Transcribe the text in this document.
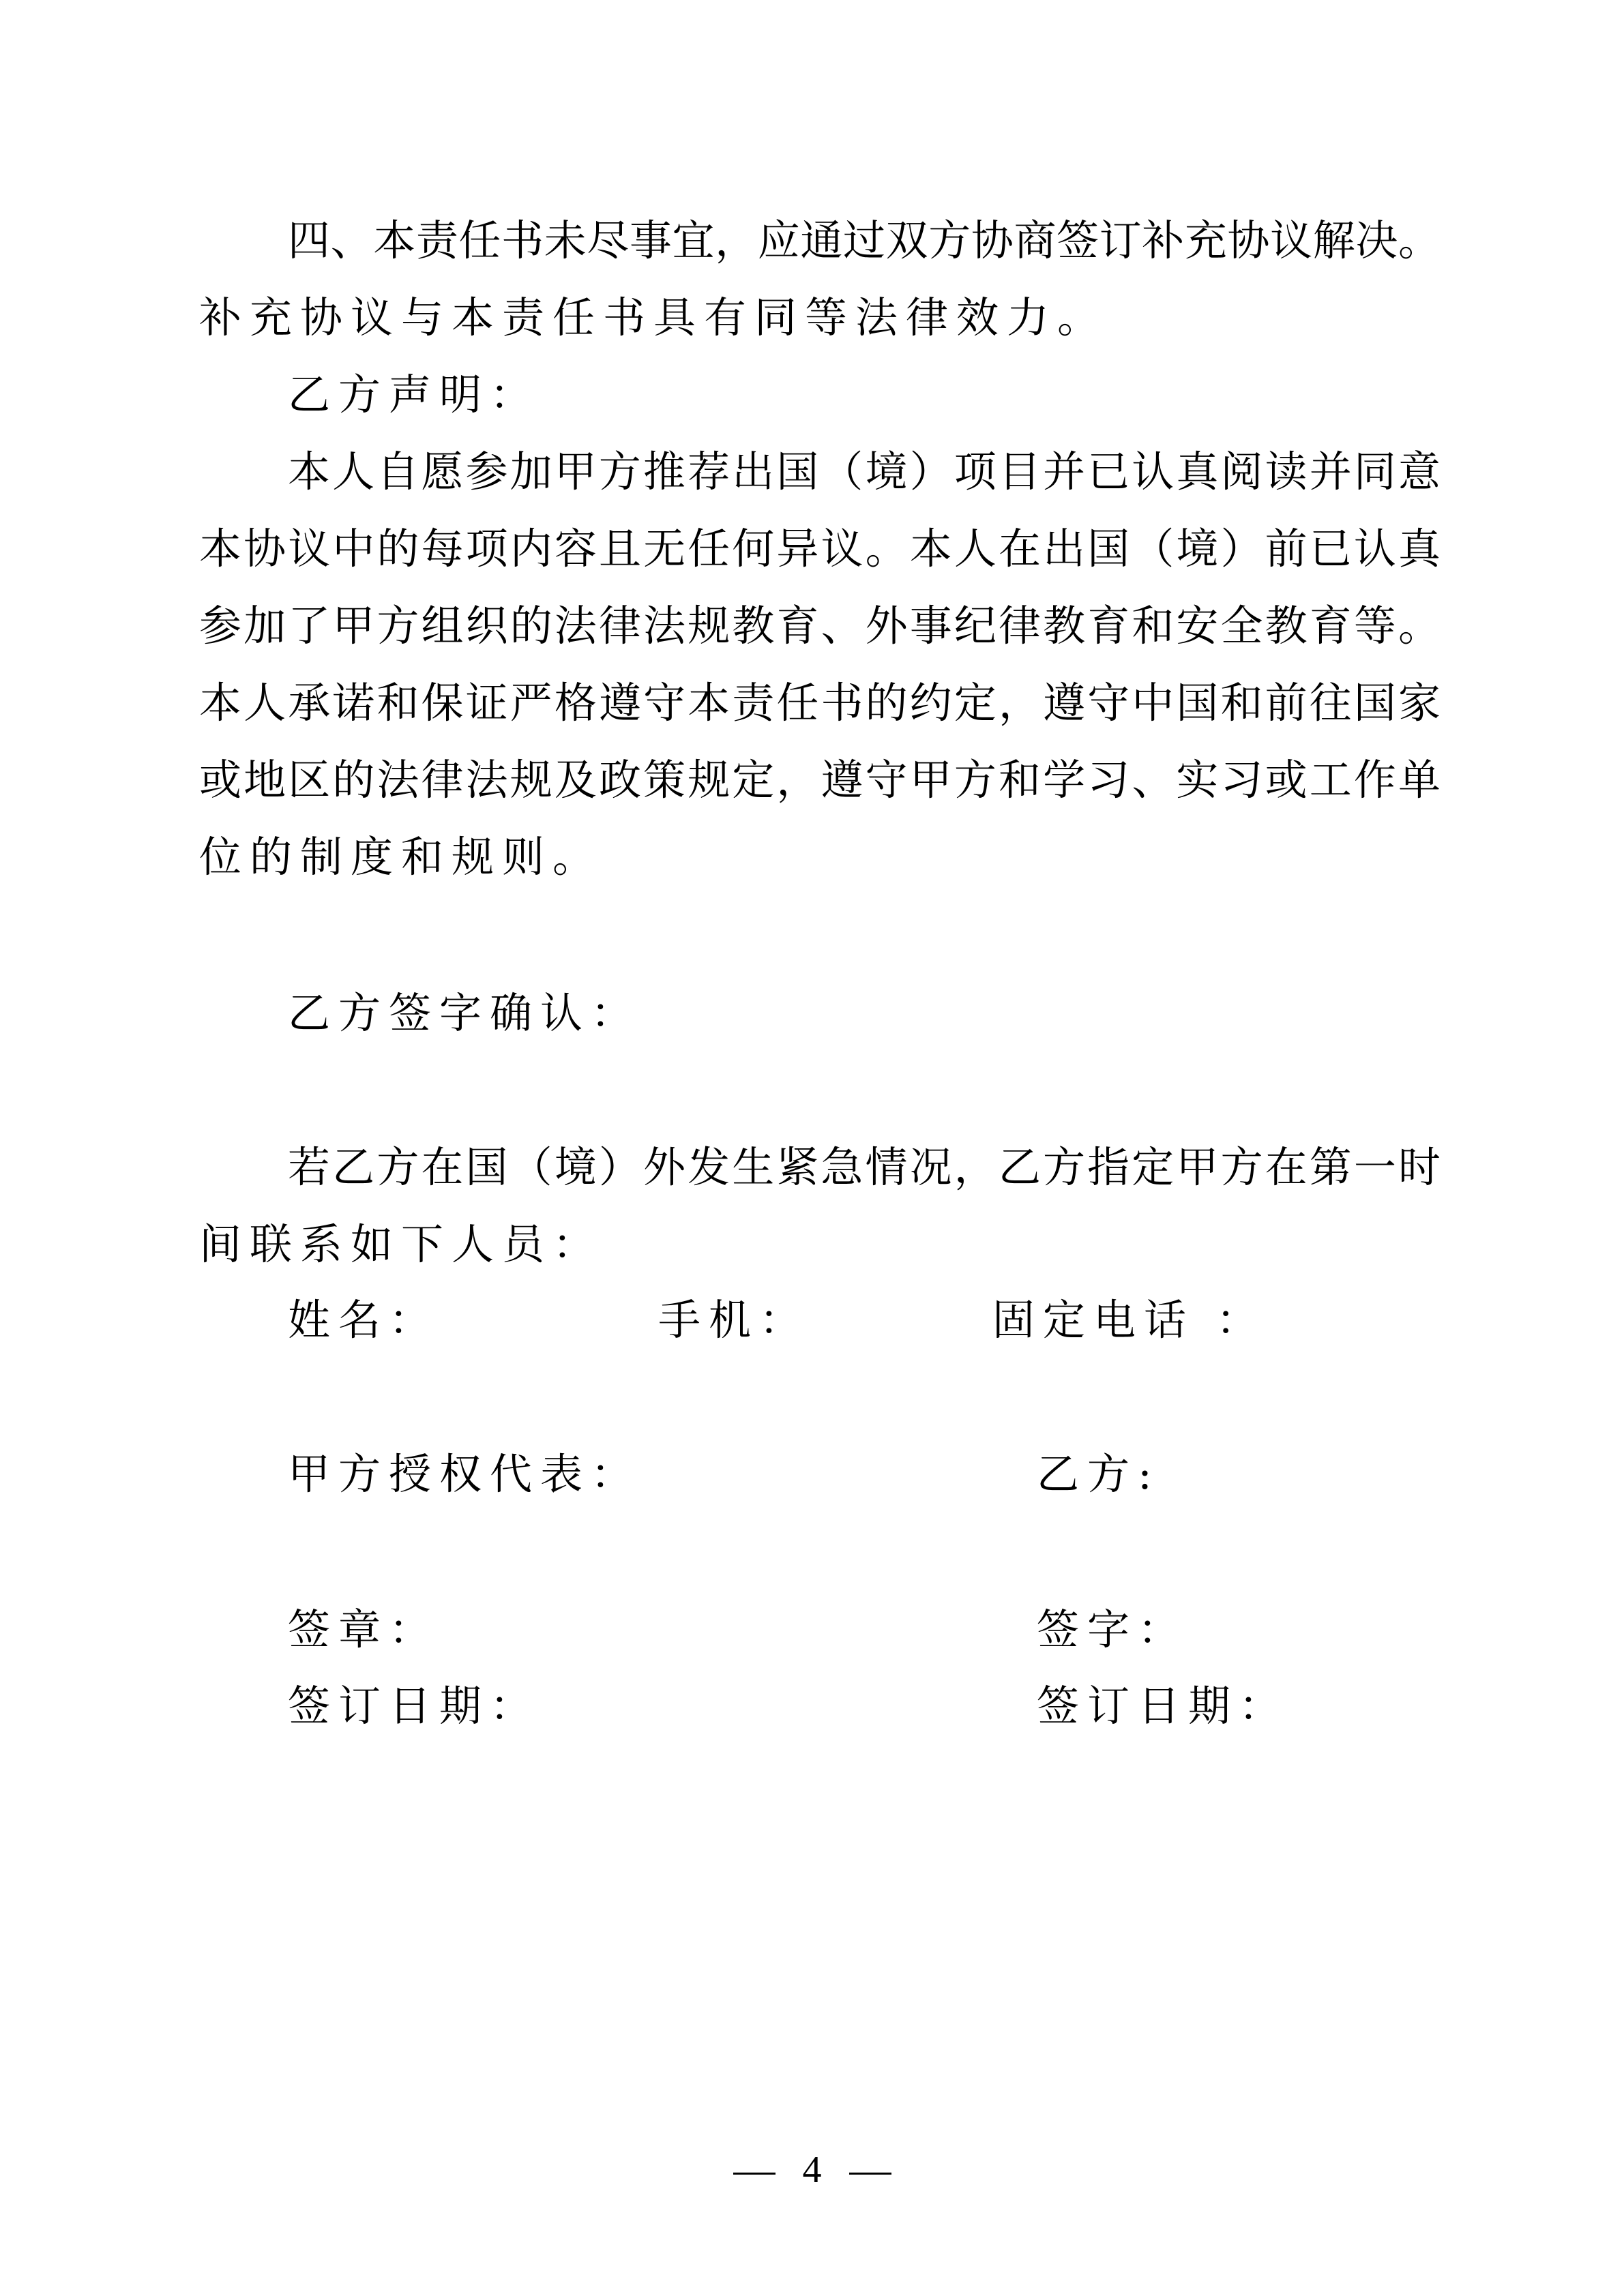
四、本责任书未尽事宜，应通过双方协商签订补充协议解决。
补充协议与本责任书具有同等法律效力。
乙方声明：
本人自愿参加甲方推荐出国（境）项目并已认真阅读并同意
本协议中的每项内容且无任何异议。本人在出国（境）前已认真
参加了甲方组织的法律法规教育、外事纪律教育和安全教育等。
本人承诺和保证严格遵守本责任书的约定，遵守中国和前往国家
或地区的法律法规及政策规定，遵守甲方和学习、实习或工作单
位的制度和规则。
乙方签字确认：
若乙方在国（境）外发生紧急情况，乙方指定甲方在第一时
间联系如下人员：
姓名：	手机：	固定电话 ：
甲方授权代表：	乙方:
签章：	签字：
签订日期：	签订日期：
4
